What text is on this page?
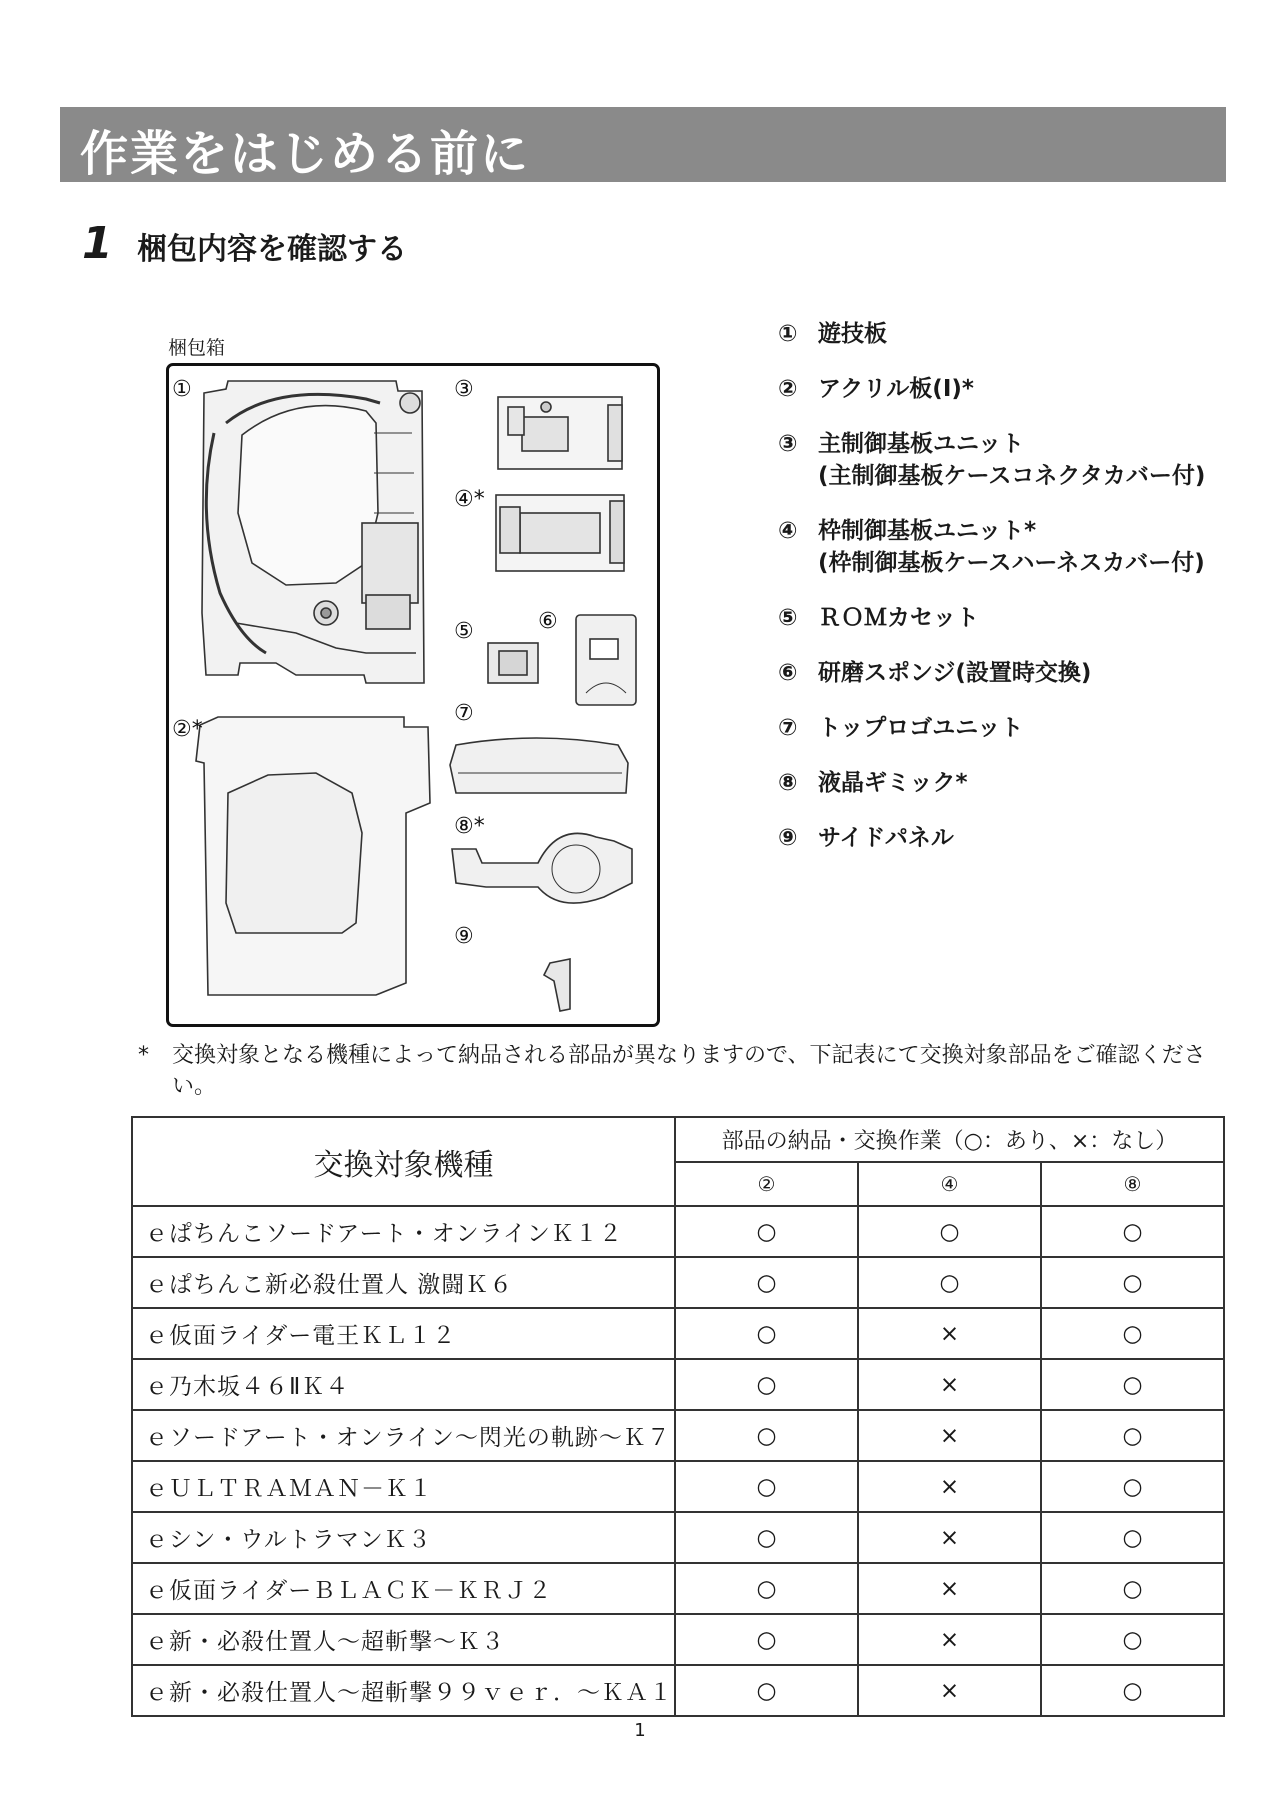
作業をはじめる前に
1 梱包内容を確認する
梱包箱
①
②*
③
④*
⑤	⑥
⑦
⑧*
⑨
① 遊技板
② アクリル板(I)*
③ 主制御基板ユニット
(主制御基板ケースコネクタカバー付)
④ 枠制御基板ユニット*
(枠制御基板ケースハーネスカバー付)
⑤ ＲＯＭカセット
⑥ 研磨スポンジ(設置時交換)
⑦ トップロゴユニット
⑧ 液晶ギミック*
⑨ サイドパネル
*	交換対象となる機種によって納品される部品が異なりますので、下記表にて交換対象部品をご確認ください。
交換対象機種	部品の納品・交換作業（○：あり、×：なし）		
	②	④	⑧
ｅぱちんこソードアート・オンラインＫ１２	○	○	○
ｅぱちんこ新必殺仕置人 激闘Ｋ６	○	○	○
ｅ仮面ライダー電王ＫＬ１２	○	×	○
ｅ乃木坂４６ⅡＫ４	○	×	○
ｅソードアート・オンライン～閃光の軌跡～Ｋ７	○	×	○
ｅＵＬＴＲＡＭＡＮ－Ｋ１	○	×	○
ｅシン・ウルトラマンＫ３	○	×	○
ｅ仮面ライダーＢＬＡＣＫ－ＫＲＪ２	○	×	○
ｅ新・必殺仕置人～超斬撃～Ｋ３	○	×	○
ｅ新・必殺仕置人～超斬撃９９ｖｅｒ．～ＫＡ１	○	×	○
1
